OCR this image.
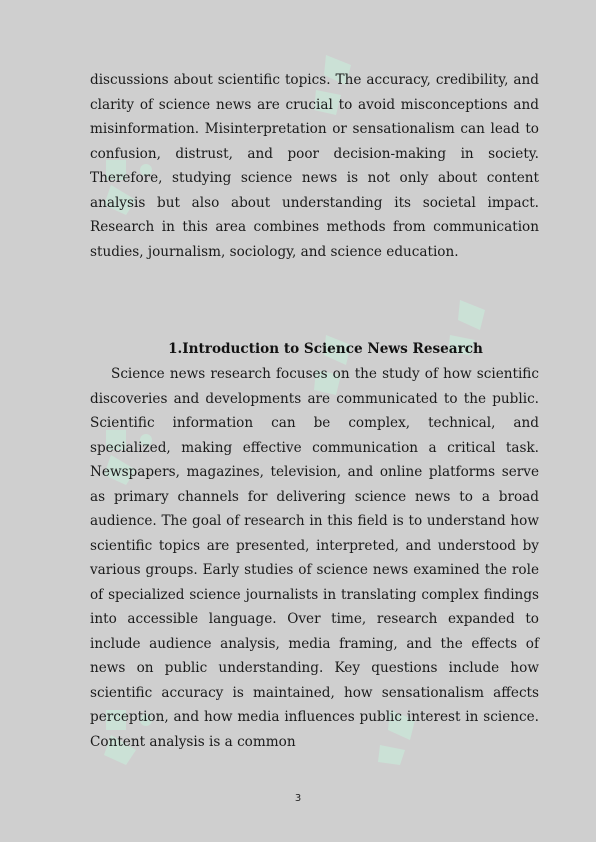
discussions about scientific topics. The accuracy, credibility, and clarity of science news are crucial to avoid misconceptions and misinformation. Misinterpretation or sensationalism can lead to confusion, distrust, and poor decision-making in society. Therefore, studying science news is not only about content analysis but also about understanding its societal impact. Research in this area combines methods from communication studies, journalism, sociology, and science education.

1.Introduction to Science News Research

Science news research focuses on the study of how scientific discoveries and developments are communicated to the public. Scientific information can be complex, technical, and specialized, making effective communication a critical task. Newspapers, magazines, television, and online platforms serve as primary channels for delivering science news to a broad audience. The goal of research in this field is to understand how scientific topics are presented, interpreted, and understood by various groups. Early studies of science news examined the role of specialized science journalists in translating complex findings into accessible language. Over time, research expanded to include audience analysis, media framing, and the effects of news on public understanding. Key questions include how scientific accuracy is maintained, how sensationalism affects perception, and how media influences public interest in science. Content analysis is a common

3
